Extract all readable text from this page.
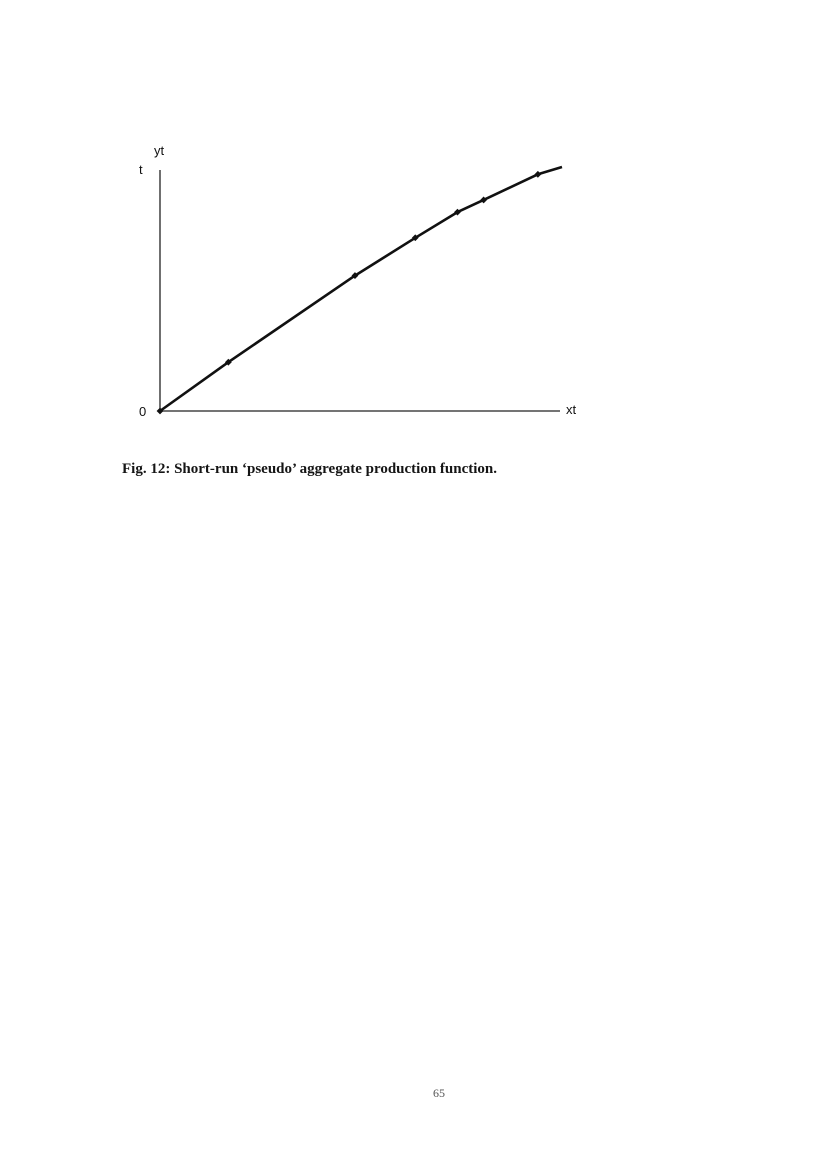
yt
t
0	xt
Fig. 12: Short-run ‘pseudo’ aggregate production function.
65
